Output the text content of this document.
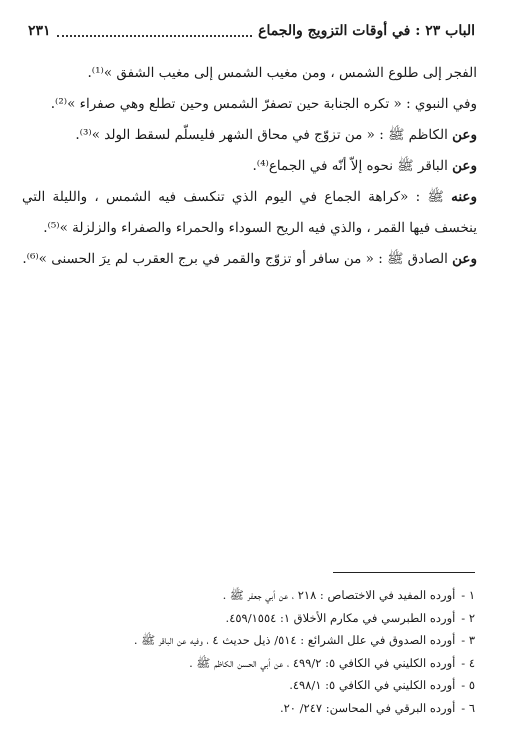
الباب ٢٣ : في أوقات التزويج والجماع
٢٣١

الفجر إلى طلوع الشمس ، ومن مغيب الشمس إلى مغيب الشفق »⁽¹⁾.

وفي النبوي : « تكره الجنابة حين تصفرّ الشمس وحين تطلع وهي صفراء »⁽²⁾.

وعن الكاظم ﷺ : « من تزوّج في محاق الشهر فليسلّم لسقط الولد »⁽³⁾.

وعن الباقر ﷺ نحوه إلاّ أنّه في الجماع⁽⁴⁾.

وعنه ﷺ : «كراهة الجماع في اليوم الذي تنكسف فيه الشمس ، والليلة التي ينخسف فيها القمر ، والذي فيه الريح السوداء والحمراء والصفراء والزلزلة »⁽⁵⁾.

وعن الصادق ﷺ : « من سافر أو تزوّج والقمر في برج العقرب لم يرَ الحسنى »⁽⁶⁾.

١ - أورده المفيد في الاختصاص : ٢١٨ ، عن أبي جعفر ﷺ .

٢ - أورده الطبرسي في مكارم الأخلاق ١: ٤٥٩/١٥٥٤.

٣ - أورده الصدوق في علل الشرائع : ٥١٤/ ذيل حديث ٤ ، وفيه عن الباقر ﷺ .

٤ - أورده الكليني في الكافي ٥: ٤٩٩/٢ ، عن أبي الحسن الكاظم ﷺ .

٥ - أورده الكليني في الكافي ٥: ٤٩٨/١.

٦ - أورده البرقي في المحاسن: ٢٤٧/ ٢٠.
